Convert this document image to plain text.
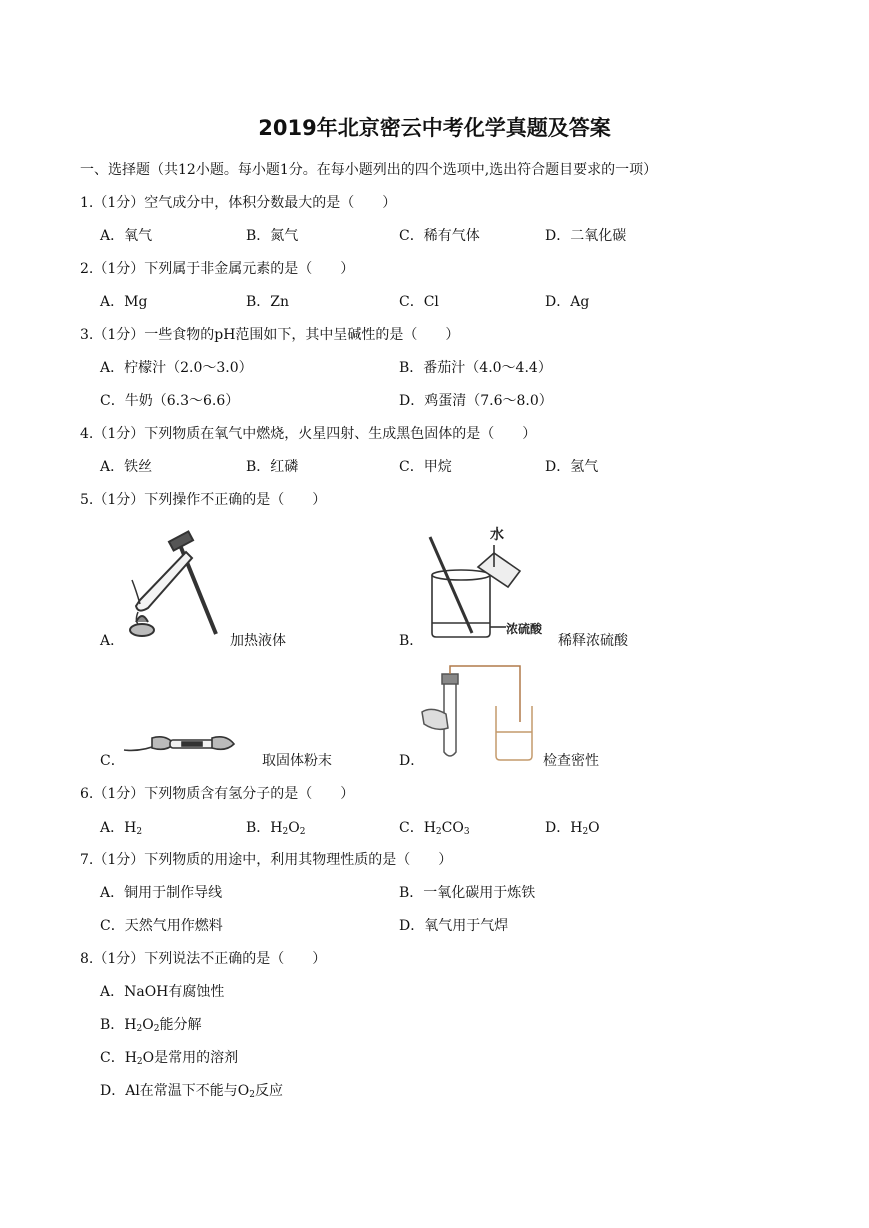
2019年北京密云中考化学真题及答案
一、选择题（共12小题。每小题1分。在每小题列出的四个选项中,选出符合题目要求的一项）
1.（1分）空气成分中，体积分数最大的是（　　）
A．氧气	B．氮气	C．稀有气体	D．二氧化碳
2.（1分）下列属于非金属元素的是（　　）
A．Mg	B．Zn	C．Cl	D．Ag
3.（1分）一些食物的pH范围如下，其中呈碱性的是（　　）
A．柠檬汁（2.0～3.0）	B．番茄汁（4.0～4.4）
C．牛奶（6.3～6.6）	D．鸡蛋清（7.6～8.0）
4.（1分）下列物质在氧气中燃烧，火星四射、生成黑色固体的是（　　）
A．铁丝	B．红磷	C．甲烷	D．氢气
5.（1分）下列操作不正确的是（　　）
A．	加热液体
水
浓硫酸
B．	稀释浓硫酸
C．	取固体粉末	D．	检查密性
6.（1分）下列物质含有氢分子的是（　　）
A．$H_2$	B．$H_2O_2$	C．$H_2CO_3$	D．$H_2O$
7.（1分）下列物质的用途中，利用其物理性质的是（　　）
A．铜用于制作导线	B．一氧化碳用于炼铁
C．天然气用作燃料	D．氧气用于气焊
8.（1分）下列说法不正确的是（　　）
A．NaOH有腐蚀性
B．$H_2O_2$能分解
C．$H_2O$是常用的溶剂
D．Al在常温下不能与$O_2$反应
